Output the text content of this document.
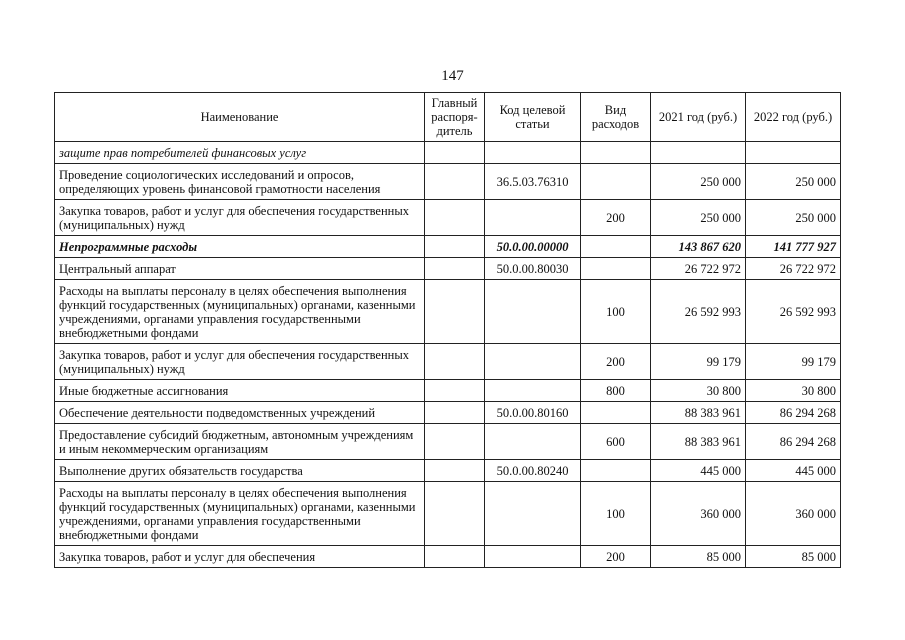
147
Наименование	Главный распоря-дитель	Код целевой статьи	Вид расходов	2021 год (руб.)	2022 год (руб.)
защите прав потребителей финансовых услуг					
Проведение социологических исследований и опросов, определяющих уровень финансовой грамотности населения		36.5.03.76310		250 000	250 000
Закупка товаров, работ и услуг для обеспечения государственных (муниципальных) нужд			200	250 000	250 000
Непрограммные расходы		50.0.00.00000		143 867 620	141 777 927
Центральный аппарат		50.0.00.80030		26 722 972	26 722 972
Расходы на выплаты персоналу в целях обеспечения выполнения функций государственных (муниципальных) органами, казенными учреждениями, органами управления государственными внебюджетными фондами			100	26 592 993	26 592 993
Закупка товаров, работ и услуг для обеспечения государственных (муниципальных) нужд			200	99 179	99 179
Иные бюджетные ассигнования			800	30 800	30 800
Обеспечение деятельности подведомственных учреждений		50.0.00.80160		88 383 961	86 294 268
Предоставление субсидий бюджетным, автономным учреждениям и иным некоммерческим организациям			600	88 383 961	86 294 268
Выполнение других обязательств государства		50.0.00.80240		445 000	445 000
Расходы на выплаты персоналу в целях обеспечения выполнения функций государственных (муниципальных) органами, казенными учреждениями, органами управления государственными внебюджетными фондами			100	360 000	360 000
Закупка товаров, работ и услуг для обеспечения			200	85 000	85 000
